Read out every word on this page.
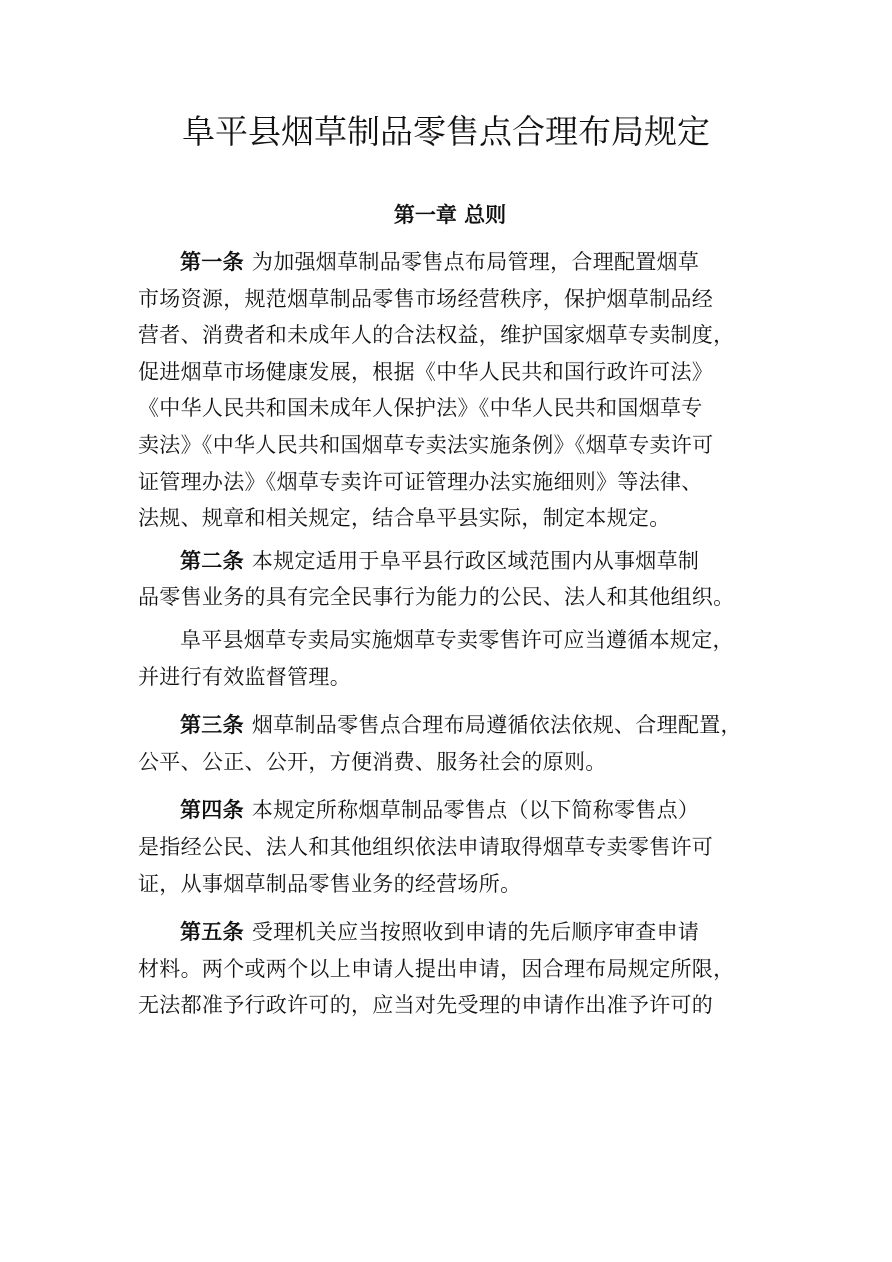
阜平县烟草制品零售点合理布局规定
第一章 总则

第一条 为加强烟草制品零售点布局管理，合理配置烟草
市场资源，规范烟草制品零售市场经营秩序，保护烟草制品经
营者、消费者和未成年人的合法权益，维护国家烟草专卖制度，
促进烟草市场健康发展，根据《中华人民共和国行政许可法》
《中华人民共和国未成年人保护法》《中华人民共和国烟草专
卖法》《中华人民共和国烟草专卖法实施条例》《烟草专卖许可
证管理办法》《烟草专卖许可证管理办法实施细则》等法律、
法规、规章和相关规定，结合阜平县实际，制定本规定。

第二条 本规定适用于阜平县行政区域范围内从事烟草制
品零售业务的具有完全民事行为能力的公民、法人和其他组织。

阜平县烟草专卖局实施烟草专卖零售许可应当遵循本规定，
并进行有效监督管理。

第三条 烟草制品零售点合理布局遵循依法依规、合理配置，
公平、公正、公开，方便消费、服务社会的原则。

第四条 本规定所称烟草制品零售点（以下简称零售点）
是指经公民、法人和其他组织依法申请取得烟草专卖零售许可
证，从事烟草制品零售业务的经营场所。

第五条 受理机关应当按照收到申请的先后顺序审查申请
材料。两个或两个以上申请人提出申请，因合理布局规定所限，
无法都准予行政许可的，应当对先受理的申请作出准予许可的
